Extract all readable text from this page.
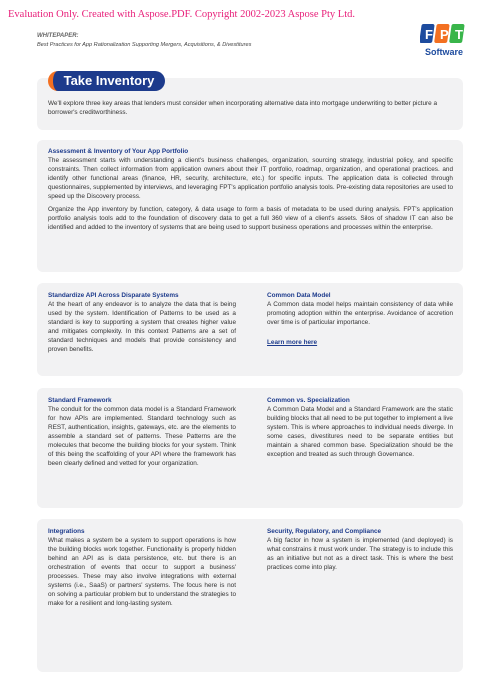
Evaluation Only. Created with Aspose.PDF. Copyright 2002-2023 Aspose Pty Ltd.
WHITEPAPER:
Best Practices for App Rationalization Supporting Mergers, Acquisitions, & Divestitures
F P T
Software
Take Inventory
We'll explore three key areas that lenders must consider when incorporating alternative data into mortgage underwriting to better picture a borrower's creditworthiness.
Assessment & Inventory of Your App Portfolio

The assessment starts with understanding a client's business challenges, organization, sourcing strategy, industrial policy, and specific constraints. Then collect information from application owners about their IT portfolio, roadmap, organization, and operational practices. and identify other functional areas (finance, HR, security, architecture, etc.) for specific inputs. The application data is collected through questionnaires, supplemented by interviews, and leveraging FPT's application portfolio analysis tools. Pre-existing data repositories are used to speed up the Discovery process.

Organize the App inventory by function, category, & data usage to form a basis of metadata to be used during analysis. FPT's application portfolio analysis tools add to the foundation of discovery data to get a full 360 view of a client's assets. Silos of shadow IT can also be identified and added to the inventory of systems that are being used to support business operations and processes within the enterprise.

Standardize API Across Disparate Systems

At the heart of any endeavor is to analyze the data that is being used by the system. Identification of Patterns to be used as a standard is key to supporting a system that creates higher value and mitigates complexity. In this context Patterns are a set of standard techniques and models that provide consistency and proven benefits.

Common Data Model

A Common data model helps maintain consistency of data while promoting adoption within the enterprise. Avoidance of accretion over time is of particular importance.

Learn more here
Standard Framework

The conduit for the common data model is a Standard Framework for how APIs are implemented. Standard technology such as REST, authentication, insights, gateways, etc. are the elements to assemble a standard set of patterns. These Patterns are the molecules that become the building blocks for your system. Think of this being the scaffolding of your API where the framework has been clearly defined and vetted for your organization.

Common vs. Specialization

A Common Data Model and a Standard Framework are the static building blocks that all need to be put together to implement a live system. This is where approaches to individual needs diverge. In some cases, divestitures need to be separate entities but maintain a shared common base. Specialization should be the exception and treated as such through Governance.

Integrations

What makes a system be a system to support operations is how the building blocks work together. Functionality is properly hidden behind an API as is data persistence, etc. but there is an orchestration of events that occur to support a business' processes. These may also involve integrations with external systems (i.e., SaaS) or partners' systems. The focus here is not on solving a particular problem but to understand the strategies to make for a resilient and long-lasting system.

Security, Regulatory, and Compliance

A big factor in how a system is implemented (and deployed) is what constrains it must work under. The strategy is to include this as an initiative but not as a direct task. This is where the best practices come into play.
